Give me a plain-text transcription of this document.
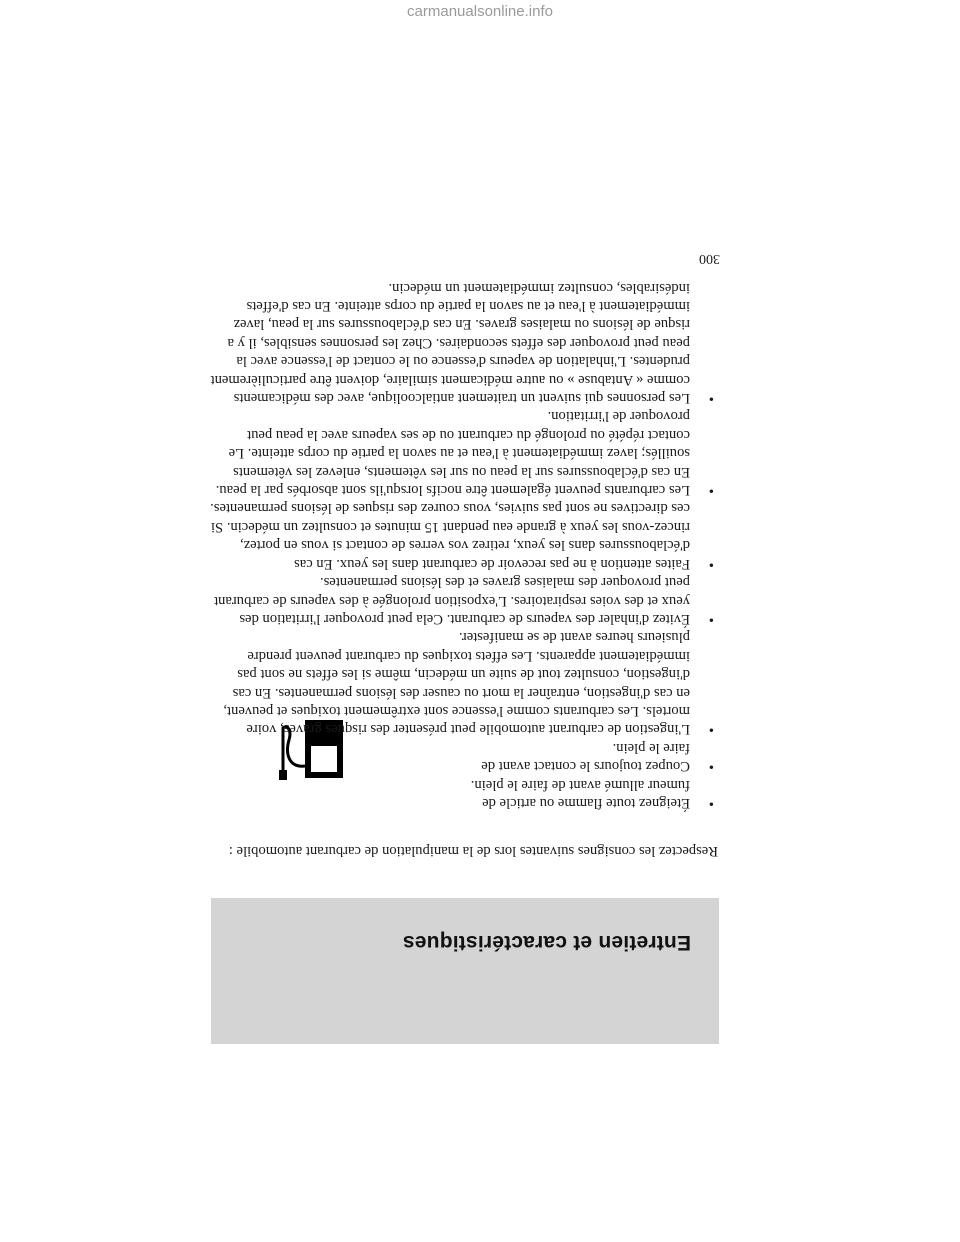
Entretien et caractéristiques

Respectez les consignes suivantes lors de la manipulation de carburant automobile :

• Éteignez toute flamme ou article de fumeur allumé avant de faire le plein.
• Coupez toujours le contact avant de faire le plein.
• L'ingestion de carburant automobile peut présenter des risques graves, voire mortels. Les carburants comme l'essence sont extrêmement toxiques et peuvent, en cas d'ingestion, entraîner la mort ou causer des lésions permanentes. En cas d'ingestion, consultez tout de suite un médecin, même si les effets ne sont pas immédiatement apparents. Les effets toxiques du carburant peuvent prendre plusieurs heures avant de se manifester.
• Évitez d'inhaler des vapeurs de carburant. Cela peut provoquer l'irritation des yeux et des voies respiratoires. L'exposition prolongée à des vapeurs de carburant peut provoquer des malaises graves et des lésions permanentes.
• Faites attention à ne pas recevoir de carburant dans les yeux. En cas d'éclaboussures dans les yeux, retirez vos verres de contact si vous en portez, rincez-vous les yeux à grande eau pendant 15 minutes et consultez un médecin. Si ces directives ne sont pas suivies, vous courez des risques de lésions permanentes.
• Les carburants peuvent également être nocifs lorsqu'ils sont absorbés par la peau. En cas d'éclaboussures sur la peau ou sur les vêtements, enlevez les vêtements souillés; lavez immédiatement à l'eau et au savon la partie du corps atteinte. Le contact répété ou prolongé du carburant ou de ses vapeurs avec la peau peut provoquer de l'irritation.
• Les personnes qui suivent un traitement antialcoolique, avec des médicaments comme « Antabuse » ou autre médicament similaire, doivent être particulièrement prudentes. L'inhalation de vapeurs d'essence ou le contact de l'essence avec la peau peut provoquer des effets secondaires. Chez les personnes sensibles, il y a risque de lésions ou malaises graves. En cas d'éclaboussures sur la peau, lavez immédiatement à l'eau et au savon la partie du corps atteinte. En cas d'effets indésirables, consultez immédiatement un médecin.
300
carmanualsonline.info
